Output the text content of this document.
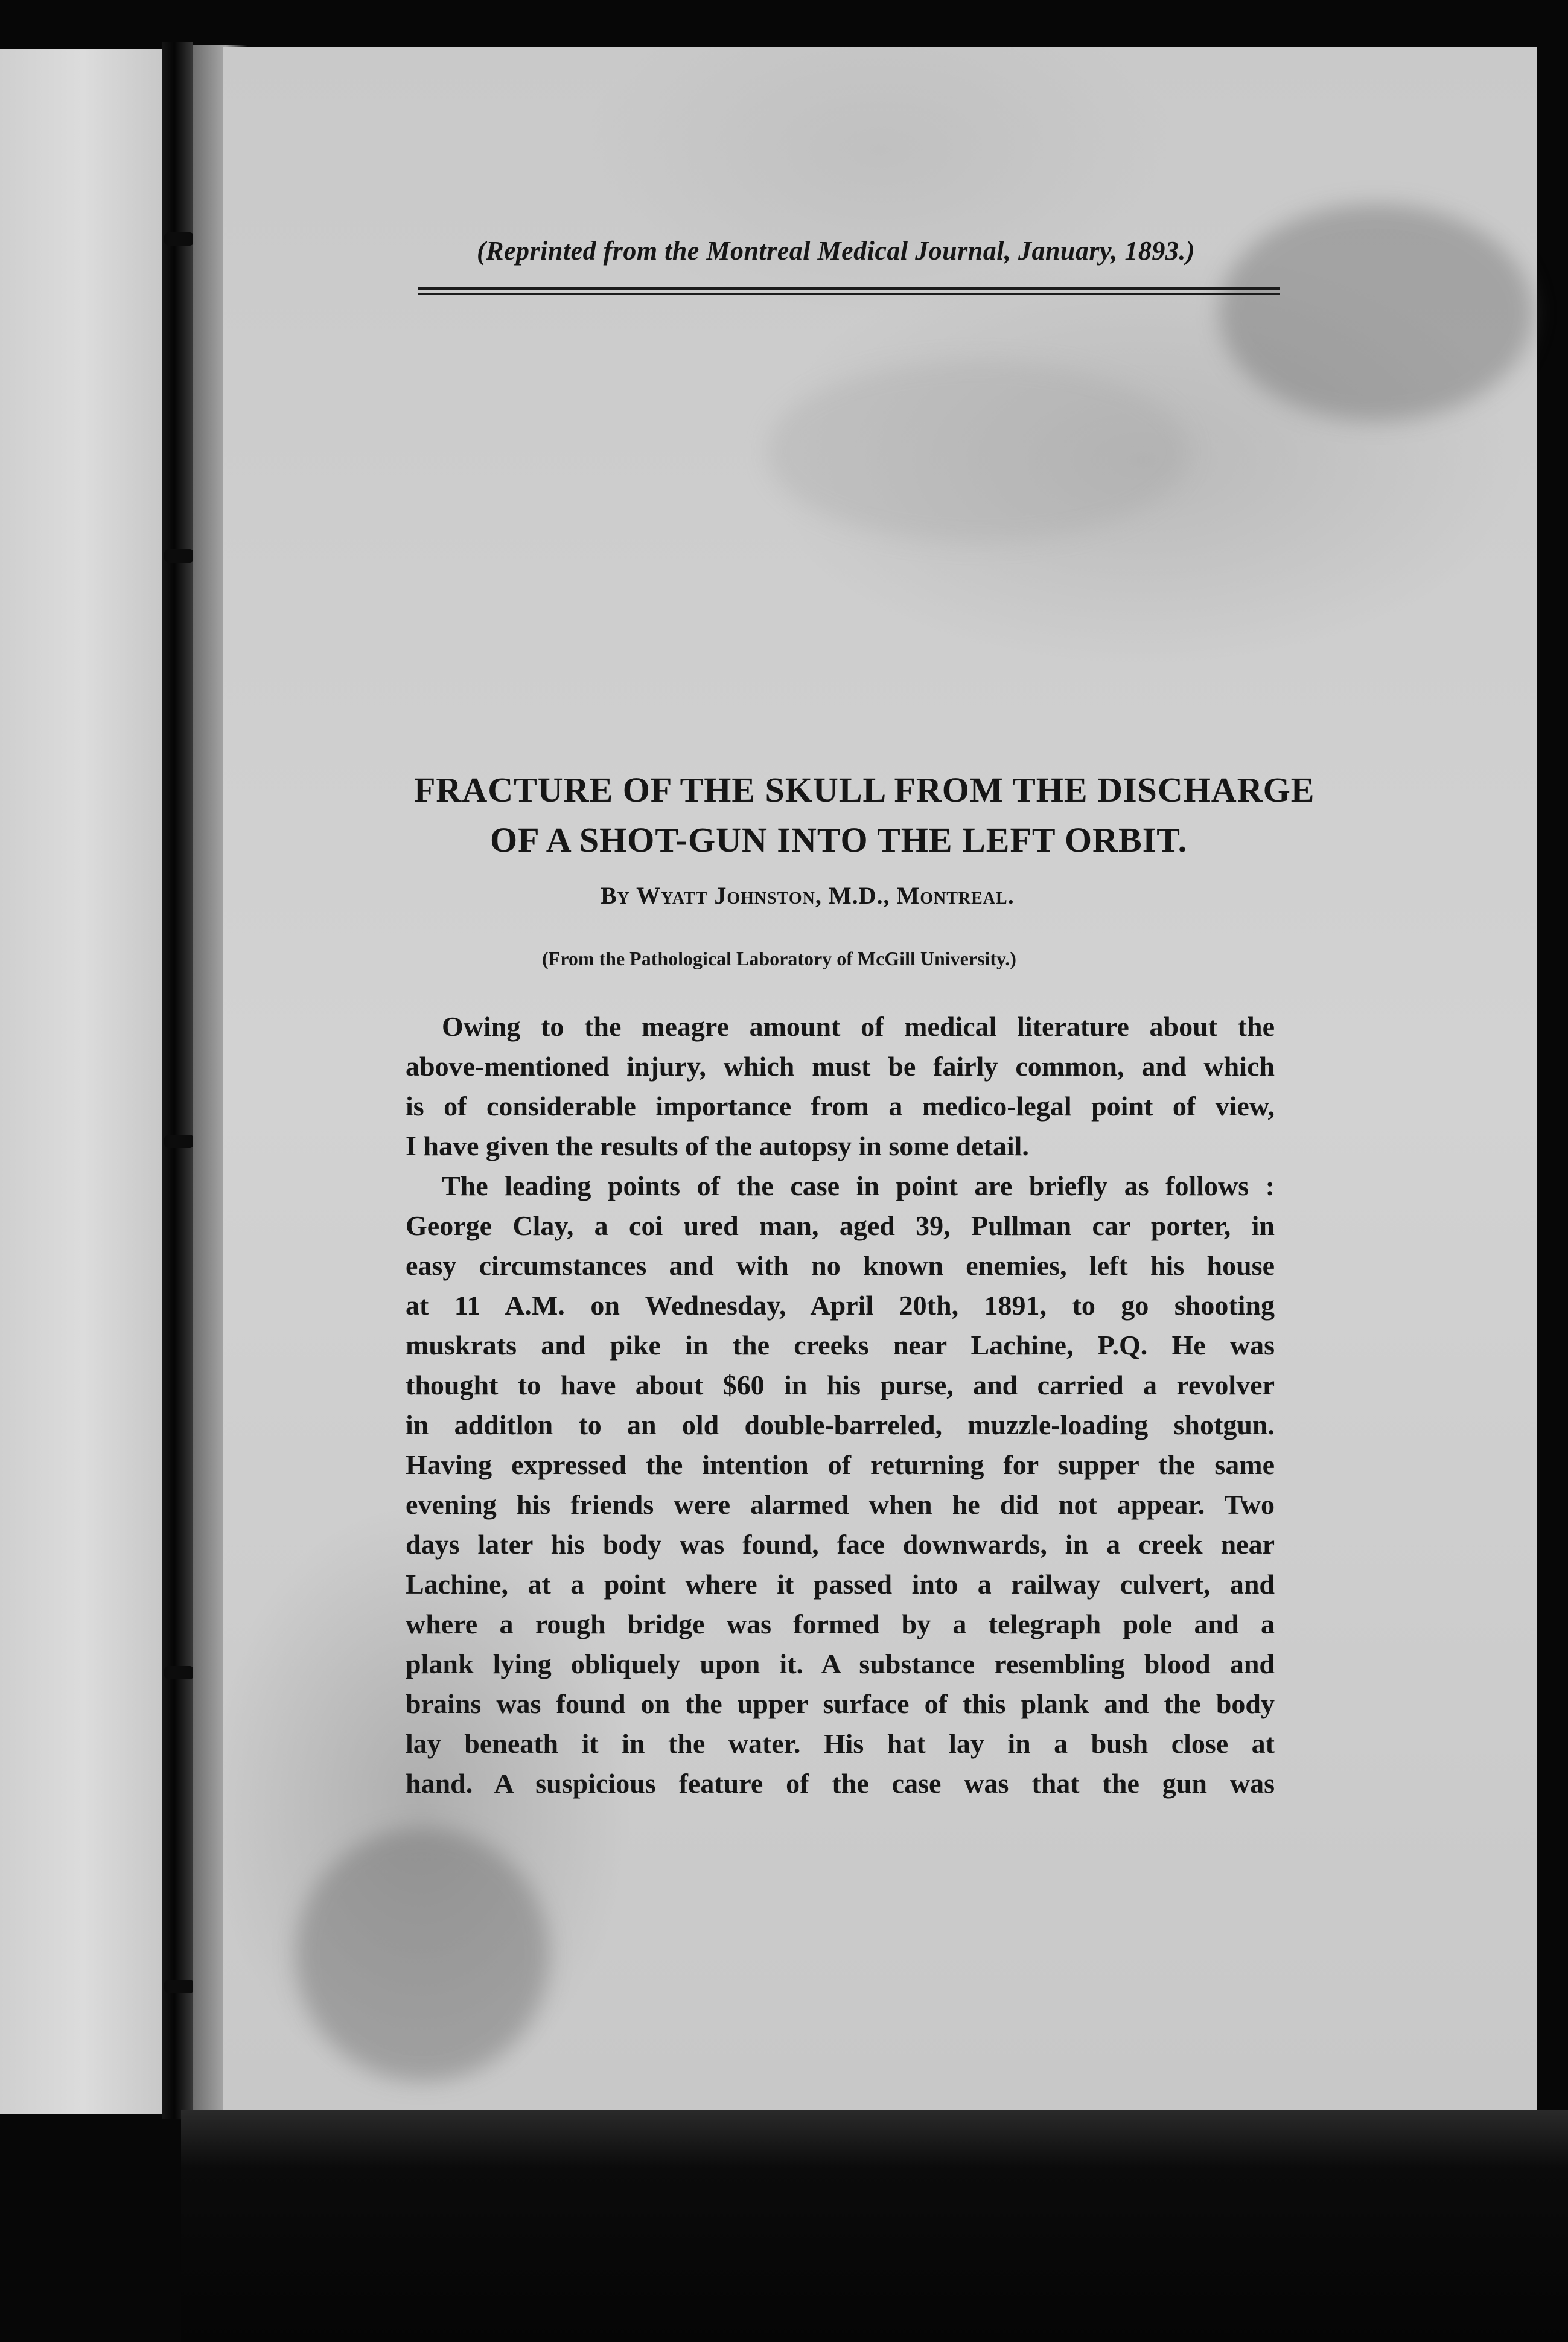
(Reprinted from the Montreal Medical Journal, January, 1893.)

FRACTURE OF THE SKULL FROM THE DISCHARGE
OF A SHOT-GUN INTO THE LEFT ORBIT.

By Wyatt Johnston, M.D., Montreal.

(From the Pathological Laboratory of McGill University.)

Owing to the meagre amount of medical literature about the
above-mentioned injury, which must be fairly common, and which
is of considerable importance from a medico-legal point of view,
I have given the results of the autopsy in some detail.
The leading points of the case in point are briefly as follows :
George Clay, a coi ured man, aged 39, Pullman car porter, in
easy circumstances and with no known enemies, left his house
at 11 A.M. on Wednesday, April 20th, 1891, to go shooting
muskrats and pike in the creeks near Lachine, P.Q. He was
thought to have about $60 in his purse, and carried a revolver
in additlon to an old double-barreled, muzzle-loading shotgun.
Having expressed the intention of returning for supper the same
evening his friends were alarmed when he did not appear. Two
days later his body was found, face downwards, in a creek near
Lachine, at a point where it passed into a railway culvert, and
where a rough bridge was formed by a telegraph pole and a
plank lying obliquely upon it. A substance resembling blood and
brains was found on the upper surface of this plank and the body
lay beneath it in the water. His hat lay in a bush close at
hand. A suspicious feature of the case was that the gun was
